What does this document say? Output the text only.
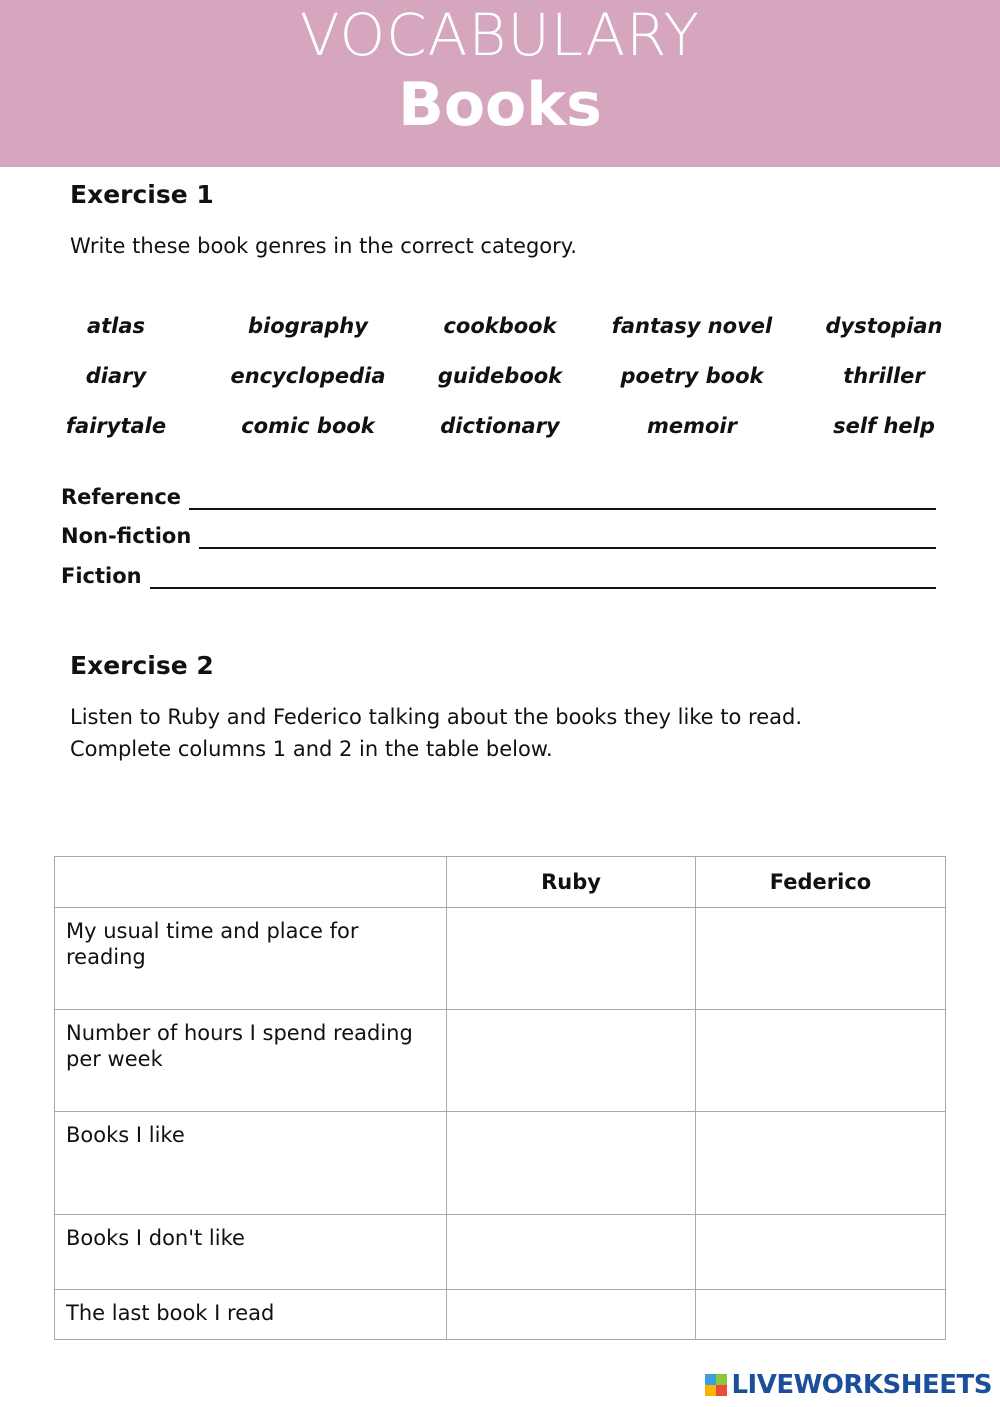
VOCABULARY
Books
Exercise 1
Write these book genres in the correct category.
atlas	biography	cookbook	fantasy novel	dystopian
diary	encyclopedia	guidebook	poetry book	thriller
fairytale	comic book	dictionary	memoir	self help
Reference
Non-fiction
Fiction
Exercise 2
Listen to Ruby and Federico talking about the books they like to read.
Complete columns 1 and 2 in the table below.
	Ruby	Federico
My usual time and place for reading		
Number of hours I spend reading per week		
Books I like		
Books I don't like		
The last book I read		
LIVEWORKSHEETS
